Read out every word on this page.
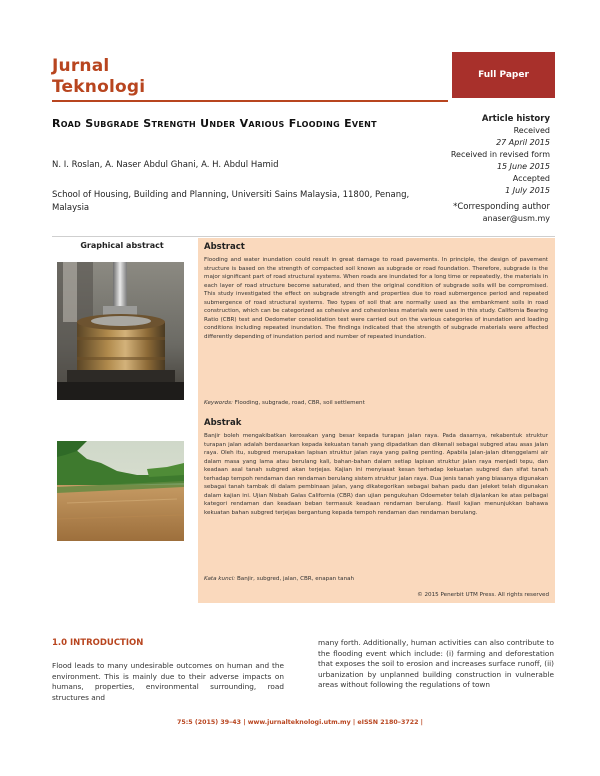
Jurnal
Teknologi
Full Paper
Road Subgrade Strength Under Various Flooding Event
N. I. Roslan, A. Naser Abdul Ghani, A. H. Abdul Hamid
School of Housing, Building and Planning, Universiti Sains Malaysia, 11800, Penang, Malaysia
Article history
Received
27 April 2015
Received in revised form
15 June 2015
Accepted
1 July 2015
*Corresponding author
anaser@usm.my
Graphical abstract	Abstract
Flooding and water inundation could result in great damage to road pavements. In principle, the design of pavement structure is based on the strength of compacted soil known as subgrade or road foundation. Therefore, subgrade is the major significant part of road structural systems. When roads are inundated for a long time or repeatedly, the materials in each layer of road structure become saturated, and then the original condition of subgrade soils will be compromised. This study investigated the effect on subgrade strength and properties due to road submergence period and repeated submergence of road structural systems. Two types of soil that are normally used as the embankment soils in road construction, which can be categorized as cohesive and cohesionless materials were used in this study. California Bearing Ratio (CBR) test and Oedometer consolidation test were carried out on the various categories of inundation and loading conditions including repeated inundation. The findings indicated that the strength of subgrade materials were affected differently depending of inundation period and number of repeated inundation.
Keywords: Flooding, subgrade, road, CBR, soil settlement
Abstrak
Banjir boleh mengakibatkan kerosakan yang besar kepada turapan jalan raya. Pada dasarnya, rekabentuk struktur turapan jalan adalah berdasarkan kepada kekuatan tanah yang dipadatkan dan dikenali sebagai subgred atau asas jalan raya. Oleh itu, subgred merupakan lapisan struktur jalan raya yang paling penting. Apabila jalan-jalan ditenggelami air dalam masa yang lama atau berulang kali, bahan-bahan dalam setiap lapisan struktur jalan raya menjadi tepu, dan keadaan asal tanah subgred akan terjejas. Kajian ini menyiasat kesan terhadap kekuatan subgred dan sifat tanah terhadap tempoh rendaman dan rendaman berulang sistem struktur jalan raya. Dua jenis tanah yang biasanya digunakan sebagai tanah tambak di dalam pembinaan jalan, yang dikategorikan sebagai bahan padu dan jeleket telah digunakan dalam kajian ini. Ujian Nisbah Galas California (CBR) dan ujian pengukuhan Odoemeter telah dijalankan ke atas pelbagai kategori rendaman dan keadaan beban termasuk keadaan rendaman berulang. Hasil kajian menunjukkan bahawa kekuatan bahan subgred terjejas bergantung kepada tempoh rendaman dan rendaman berulang.
Kata kunci: Banjir, subgred, jalan, CBR, enapan tanah
© 2015 Penerbit UTM Press. All rights reserved
1.0 INTRODUCTION
Flood leads to many undesirable outcomes on human and the environment. This is mainly due to their adverse impacts on humans, properties, environmental surrounding, road structures and
many forth. Additionally, human activities can also contribute to the flooding event which include: (i) farming and deforestation that exposes the soil to erosion and increases surface runoff, (ii) urbanization by unplanned building construction in vulnerable areas without following the regulations of town
75:5 (2015) 39–43 | www.jurnalteknologi.utm.my | eISSN 2180–3722 |
